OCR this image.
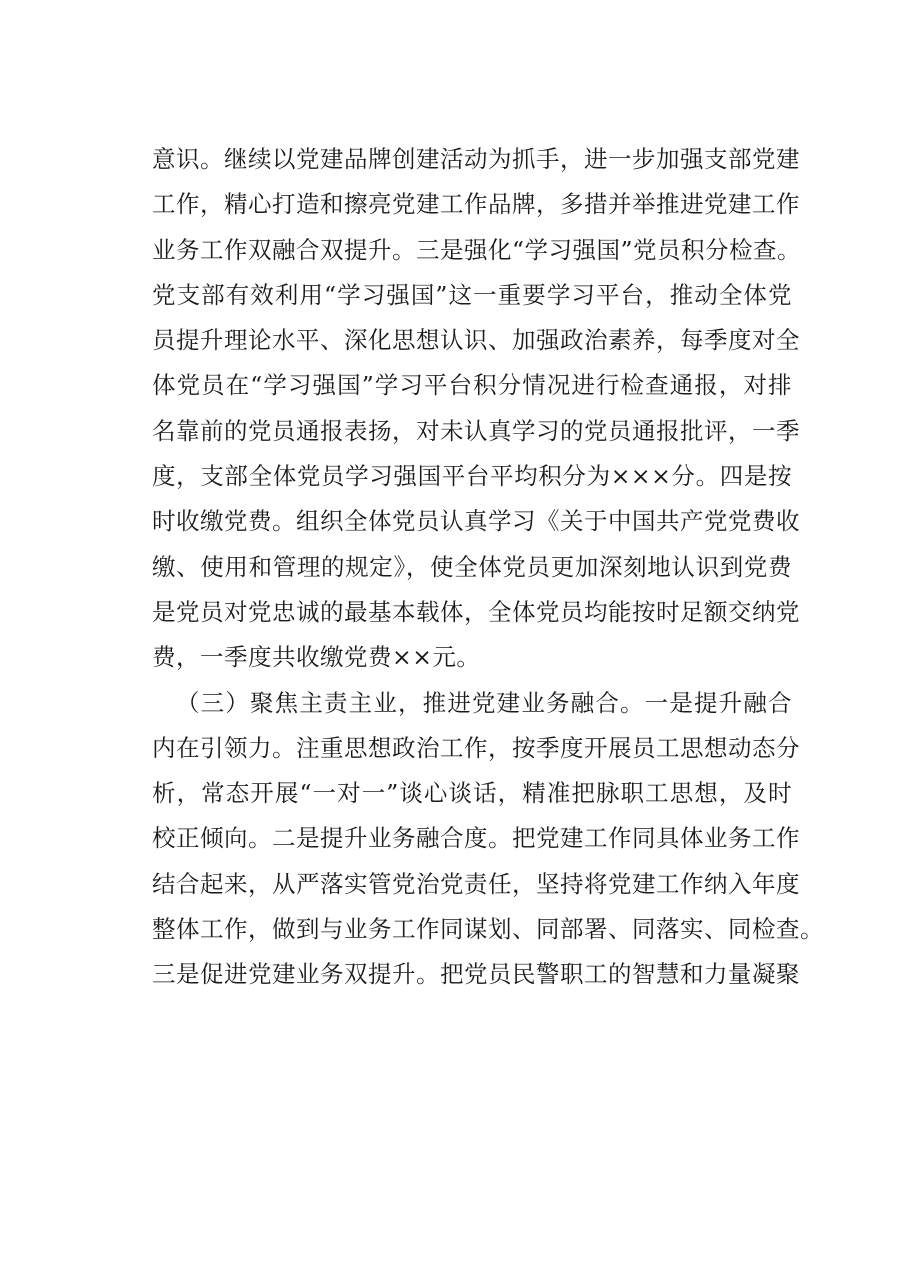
意识。继续以党建品牌创建活动为抓手，进一步加强支部党建
工作，精心打造和擦亮党建工作品牌，多措并举推进党建工作
业务工作双融合双提升。三是强化“学习强国”党员积分检查。
党支部有效利用“学习强国”这一重要学习平台，推动全体党
员提升理论水平、深化思想认识、加强政治素养，每季度对全
体党员在“学习强国”学习平台积分情况进行检查通报，对排
名靠前的党员通报表扬，对未认真学习的党员通报批评，一季
度，支部全体党员学习强国平台平均积分为×××分。四是按
时收缴党费。组织全体党员认真学习《关于中国共产党党费收
缴、使用和管理的规定》，使全体党员更加深刻地认识到党费
是党员对党忠诚的最基本载体，全体党员均能按时足额交纳党
费，一季度共收缴党费××元。
（三）聚焦主责主业，推进党建业务融合。一是提升融合
内在引领力。注重思想政治工作，按季度开展员工思想动态分
析，常态开展“一对一”谈心谈话，精准把脉职工思想，及时
校正倾向。二是提升业务融合度。把党建工作同具体业务工作
结合起来，从严落实管党治党责任，坚持将党建工作纳入年度
整体工作，做到与业务工作同谋划、同部署、同落实、同检查。
三是促进党建业务双提升。把党员民警职工的智慧和力量凝聚
